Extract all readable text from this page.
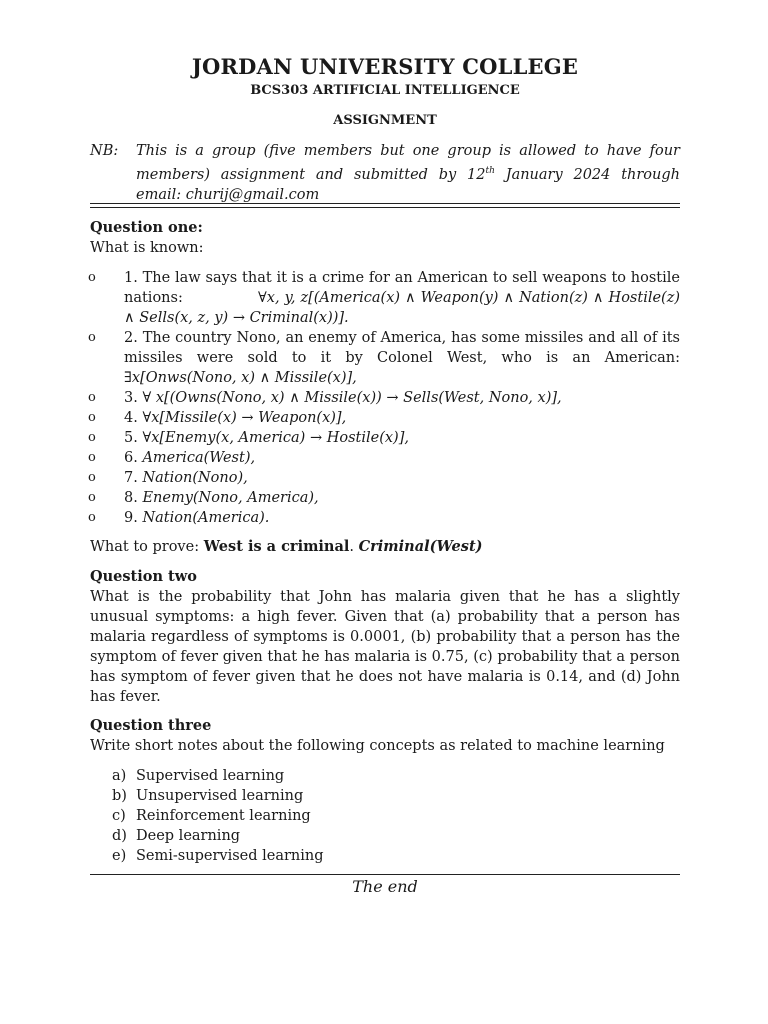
JORDAN UNIVERSITY COLLEGE
BCS303 ARTIFICIAL INTELLIGENCE
ASSIGNMENT
NB: This is a group (five members but one group is allowed to have four members) assignment and submitted by 12th January 2024 through email: churij@gmail.com
Question one:
What is known:
o 1. The law says that it is a crime for an American to sell weapons to hostile nations:	∀x, y, z[(America(x) ∧ Weapon(y) ∧ Nation(z) ∧ Hostile(z) ∧ Sells(x, z, y) → Criminal(x))].
o 2. The country Nono, an enemy of America, has some missiles and all of its missiles were sold to it by Colonel West, who is an American: ∃x[Onws(Nono, x) ∧ Missile(x)],
o 3. ∀ x[(Owns(Nono, x) ∧ Missile(x)) → Sells(West, Nono, x)],
o 4. ∀x[Missile(x) → Weapon(x)],
o 5. ∀x[Enemy(x, America) → Hostile(x)],
o 6. America(West),
o 7. Nation(Nono),
o 8. Enemy(Nono, America),
o 9. Nation(America).
What to prove: West is a criminal. Criminal(West)
Question two
What is the probability that John has malaria given that he has a slightly unusual symptoms: a high fever. Given that (a) probability that a person has malaria regardless of symptoms is 0.0001, (b) probability that a person has the symptom of fever given that he has malaria is 0.75, (c) probability that a person has symptom of fever given that he does not have malaria is 0.14, and (d) John has fever.
Question three
Write short notes about the following concepts as related to machine learning
a) Supervised learning
b) Unsupervised learning
c) Reinforcement learning
d) Deep learning
e) Semi-supervised learning
The end
